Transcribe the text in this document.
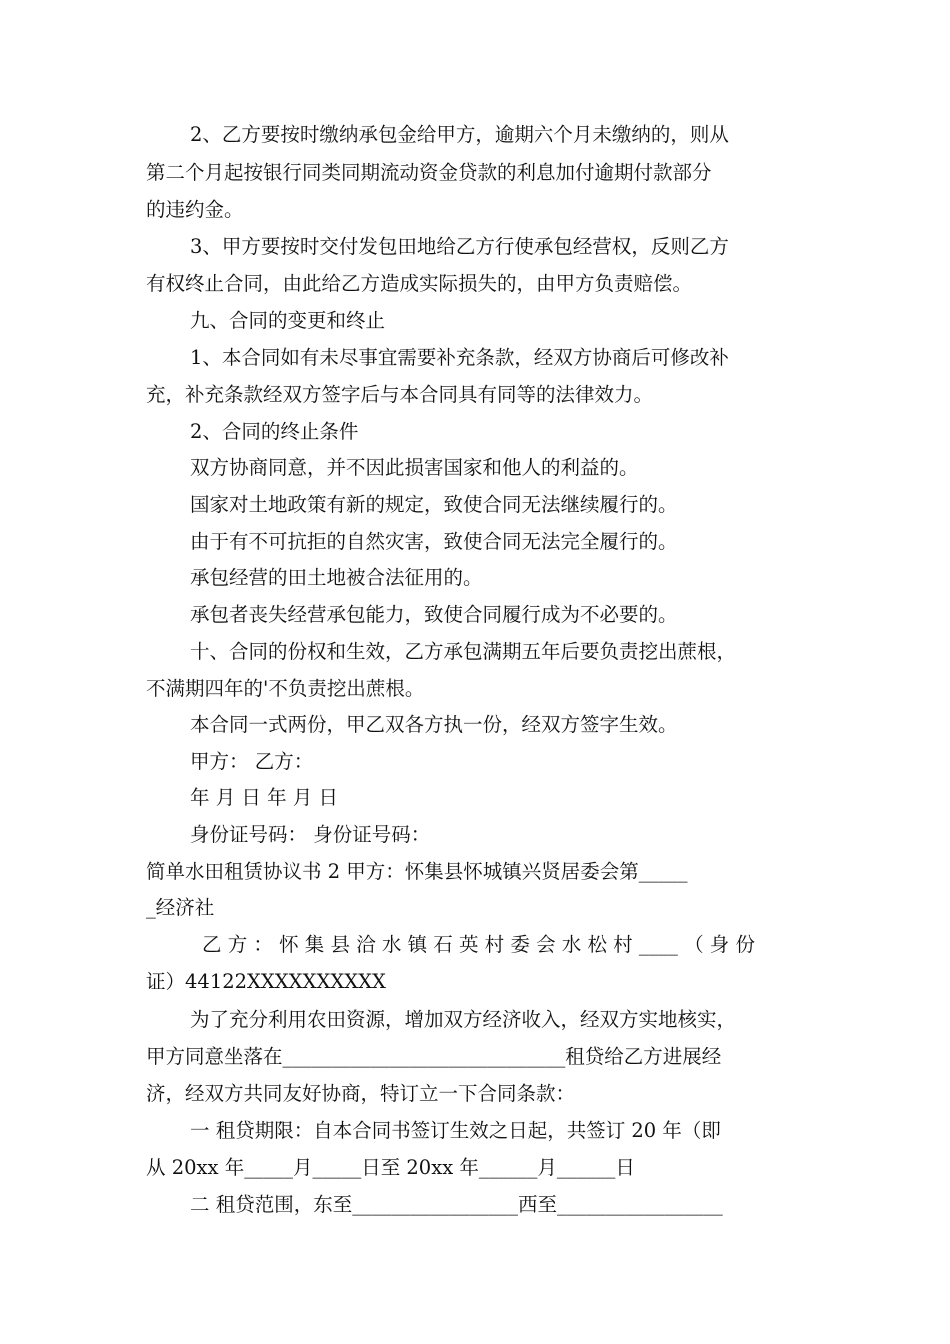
2、乙方要按时缴纳承包金给甲方，逾期六个月未缴纳的，则从
第二个月起按银行同类同期流动资金贷款的利息加付逾期付款部分
的违约金。
3、甲方要按时交付发包田地给乙方行使承包经营权，反则乙方
有权终止合同，由此给乙方造成实际损失的，由甲方负责赔偿。
九、合同的变更和终止
1、本合同如有未尽事宜需要补充条款，经双方协商后可修改补
充，补充条款经双方签字后与本合同具有同等的法律效力。
2、合同的终止条件
双方协商同意，并不因此损害国家和他人的利益的。
国家对土地政策有新的规定，致使合同无法继续履行的。
由于有不可抗拒的自然灾害，致使合同无法完全履行的。
承包经营的田土地被合法征用的。
承包者丧失经营承包能力，致使合同履行成为不必要的。
十、合同的份权和生效，乙方承包满期五年后要负责挖出蔗根，
不满期四年的'不负责挖出蔗根。
本合同一式两份，甲乙双各方执一份，经双方签字生效。
甲方： 乙方：
年 月 日 年 月 日
身份证号码： 身份证号码：
简单水田租赁协议书 2 甲方：怀集县怀城镇兴贤居委会第_____
_经济社
乙 方 ： 怀 集 县 洽 水 镇 石 英 村 委 会 水 松 村 ____ （ 身 份
证）44122XXXXXXXXXX
为了充分利用农田资源，增加双方经济收入，经双方实地核实，
甲方同意坐落在_____________________________租贷给乙方进展经
济，经双方共同友好协商，特订立一下合同条款：
一 租贷期限：自本合同书签订生效之日起，共签订 20 年（即
从 20xx 年_____月_____日至 20xx 年______月______日
二 租贷范围，东至_________________西至_________________
